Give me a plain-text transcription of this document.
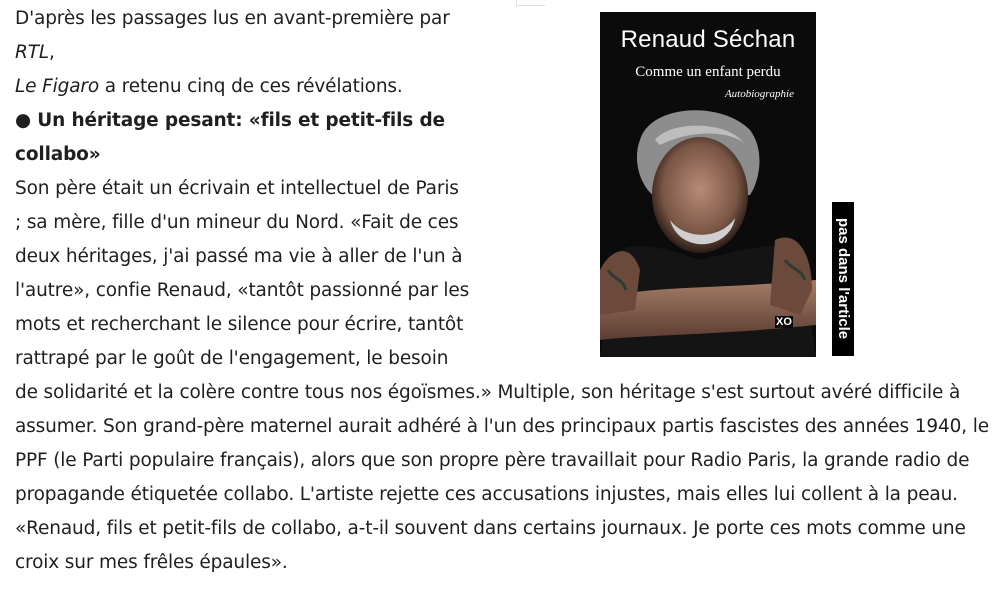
D'après les passages lus en avant-première par RTL,
Le Figaro a retenu cinq de ces révélations.

● Un héritage pesant: «fils et petit-fils de collabo»

Son père était un écrivain et intellectuel de Paris ; sa mère, fille d'un mineur du Nord. «Fait de ces deux héritages, j'ai passé ma vie à aller de l'un à l'autre», confie Renaud, «tantôt passionné par les mots et recherchant le silence pour écrire, tantôt rattrapé par le goût de l'engagement, le besoin de solidarité et la colère contre tous nos égoïsmes.» Multiple, son héritage s'est surtout avéré difficile à assumer. Son grand-père maternel aurait adhéré à l'un des principaux partis fascistes des années 1940, le PPF (le Parti populaire français), alors que son propre père travaillait pour Radio Paris, la grande radio de propagande étiquetée collabo. L'artiste rejette ces accusations injustes, mais elles lui collent à la peau. «Renaud, fils et petit-fils de collabo, a-t-il souvent dans certains journaux. Je porte ces mots comme une croix sur mes frêles épaules».

Renaud Séchan
Comme un enfant perdu
Autobiographie
XO	pas dans l'article
